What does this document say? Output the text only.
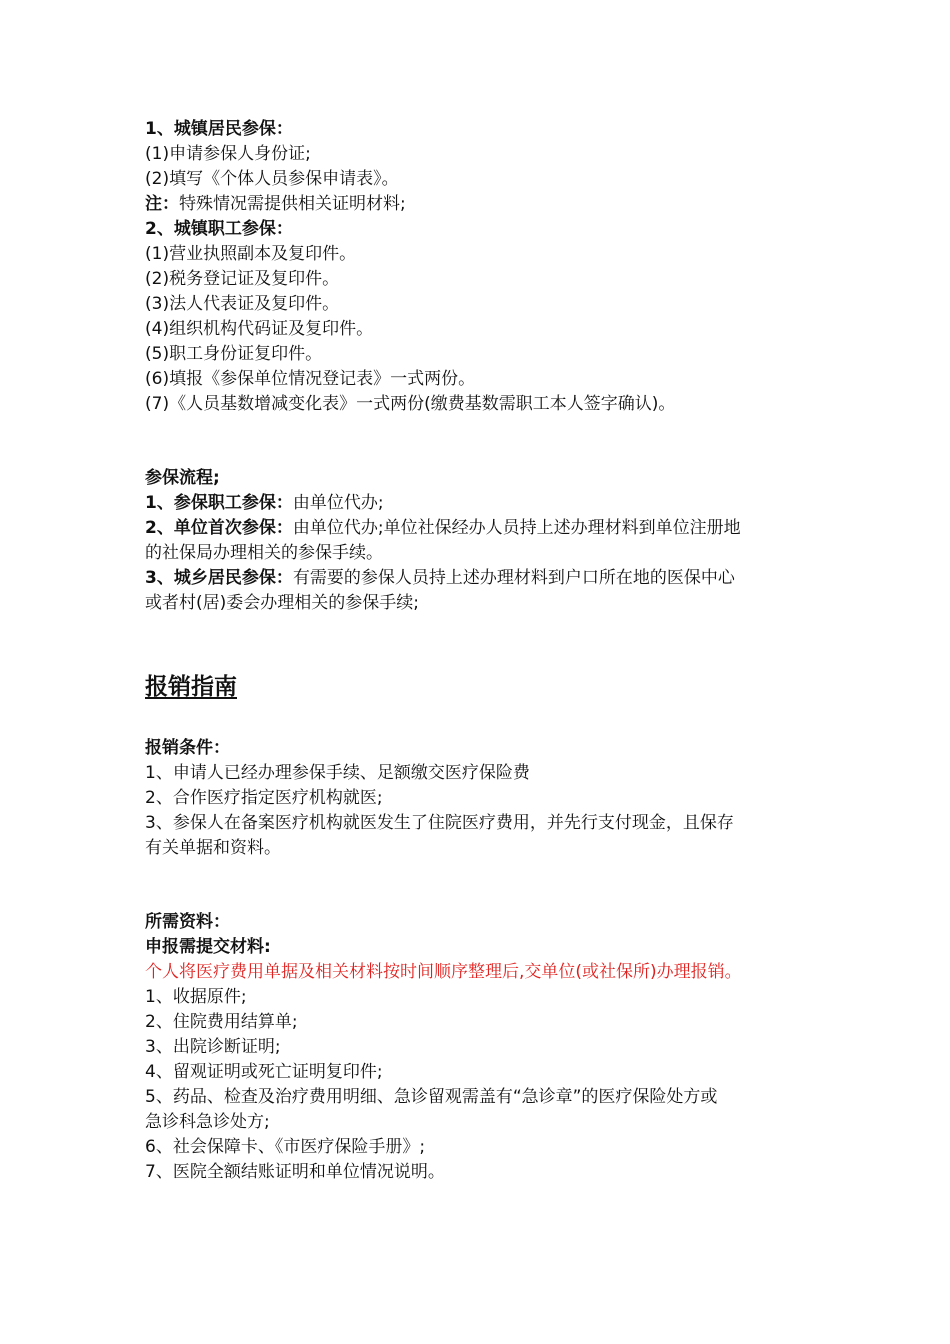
1、城镇居民参保：
(1)申请参保人身份证;
(2)填写《个体人员参保申请表》。
注：特殊情况需提供相关证明材料;
2、城镇职工参保：
(1)营业执照副本及复印件。
(2)税务登记证及复印件。
(3)法人代表证及复印件。
(4)组织机构代码证及复印件。
(5)职工身份证复印件。
(6)填报《参保单位情况登记表》一式两份。
(7)《人员基数增减变化表》一式两份(缴费基数需职工本人签字确认)。
参保流程;
1、参保职工参保：由单位代办;
2、单位首次参保：由单位代办;单位社保经办人员持上述办理材料到单位注册地
的社保局办理相关的参保手续。
3、城乡居民参保：有需要的参保人员持上述办理材料到户口所在地的医保中心
或者村(居)委会办理相关的参保手续;
报销指南
报销条件：
1、申请人已经办理参保手续、足额缴交医疗保险费
2、合作医疗指定医疗机构就医;
3、参保人在备案医疗机构就医发生了住院医疗费用，并先行支付现金，且保存
有关单据和资料。
所需资料：
申报需提交材料:
个人将医疗费用单据及相关材料按时间顺序整理后,交单位(或社保所)办理报销。
1、收据原件;
2、住院费用结算单;
3、出院诊断证明;
4、留观证明或死亡证明复印件;
5、药品、检查及治疗费用明细、急诊留观需盖有“急诊章”的医疗保险处方或
急诊科急诊处方;
6、社会保障卡、《市医疗保险手册》;
7、医院全额结账证明和单位情况说明。
